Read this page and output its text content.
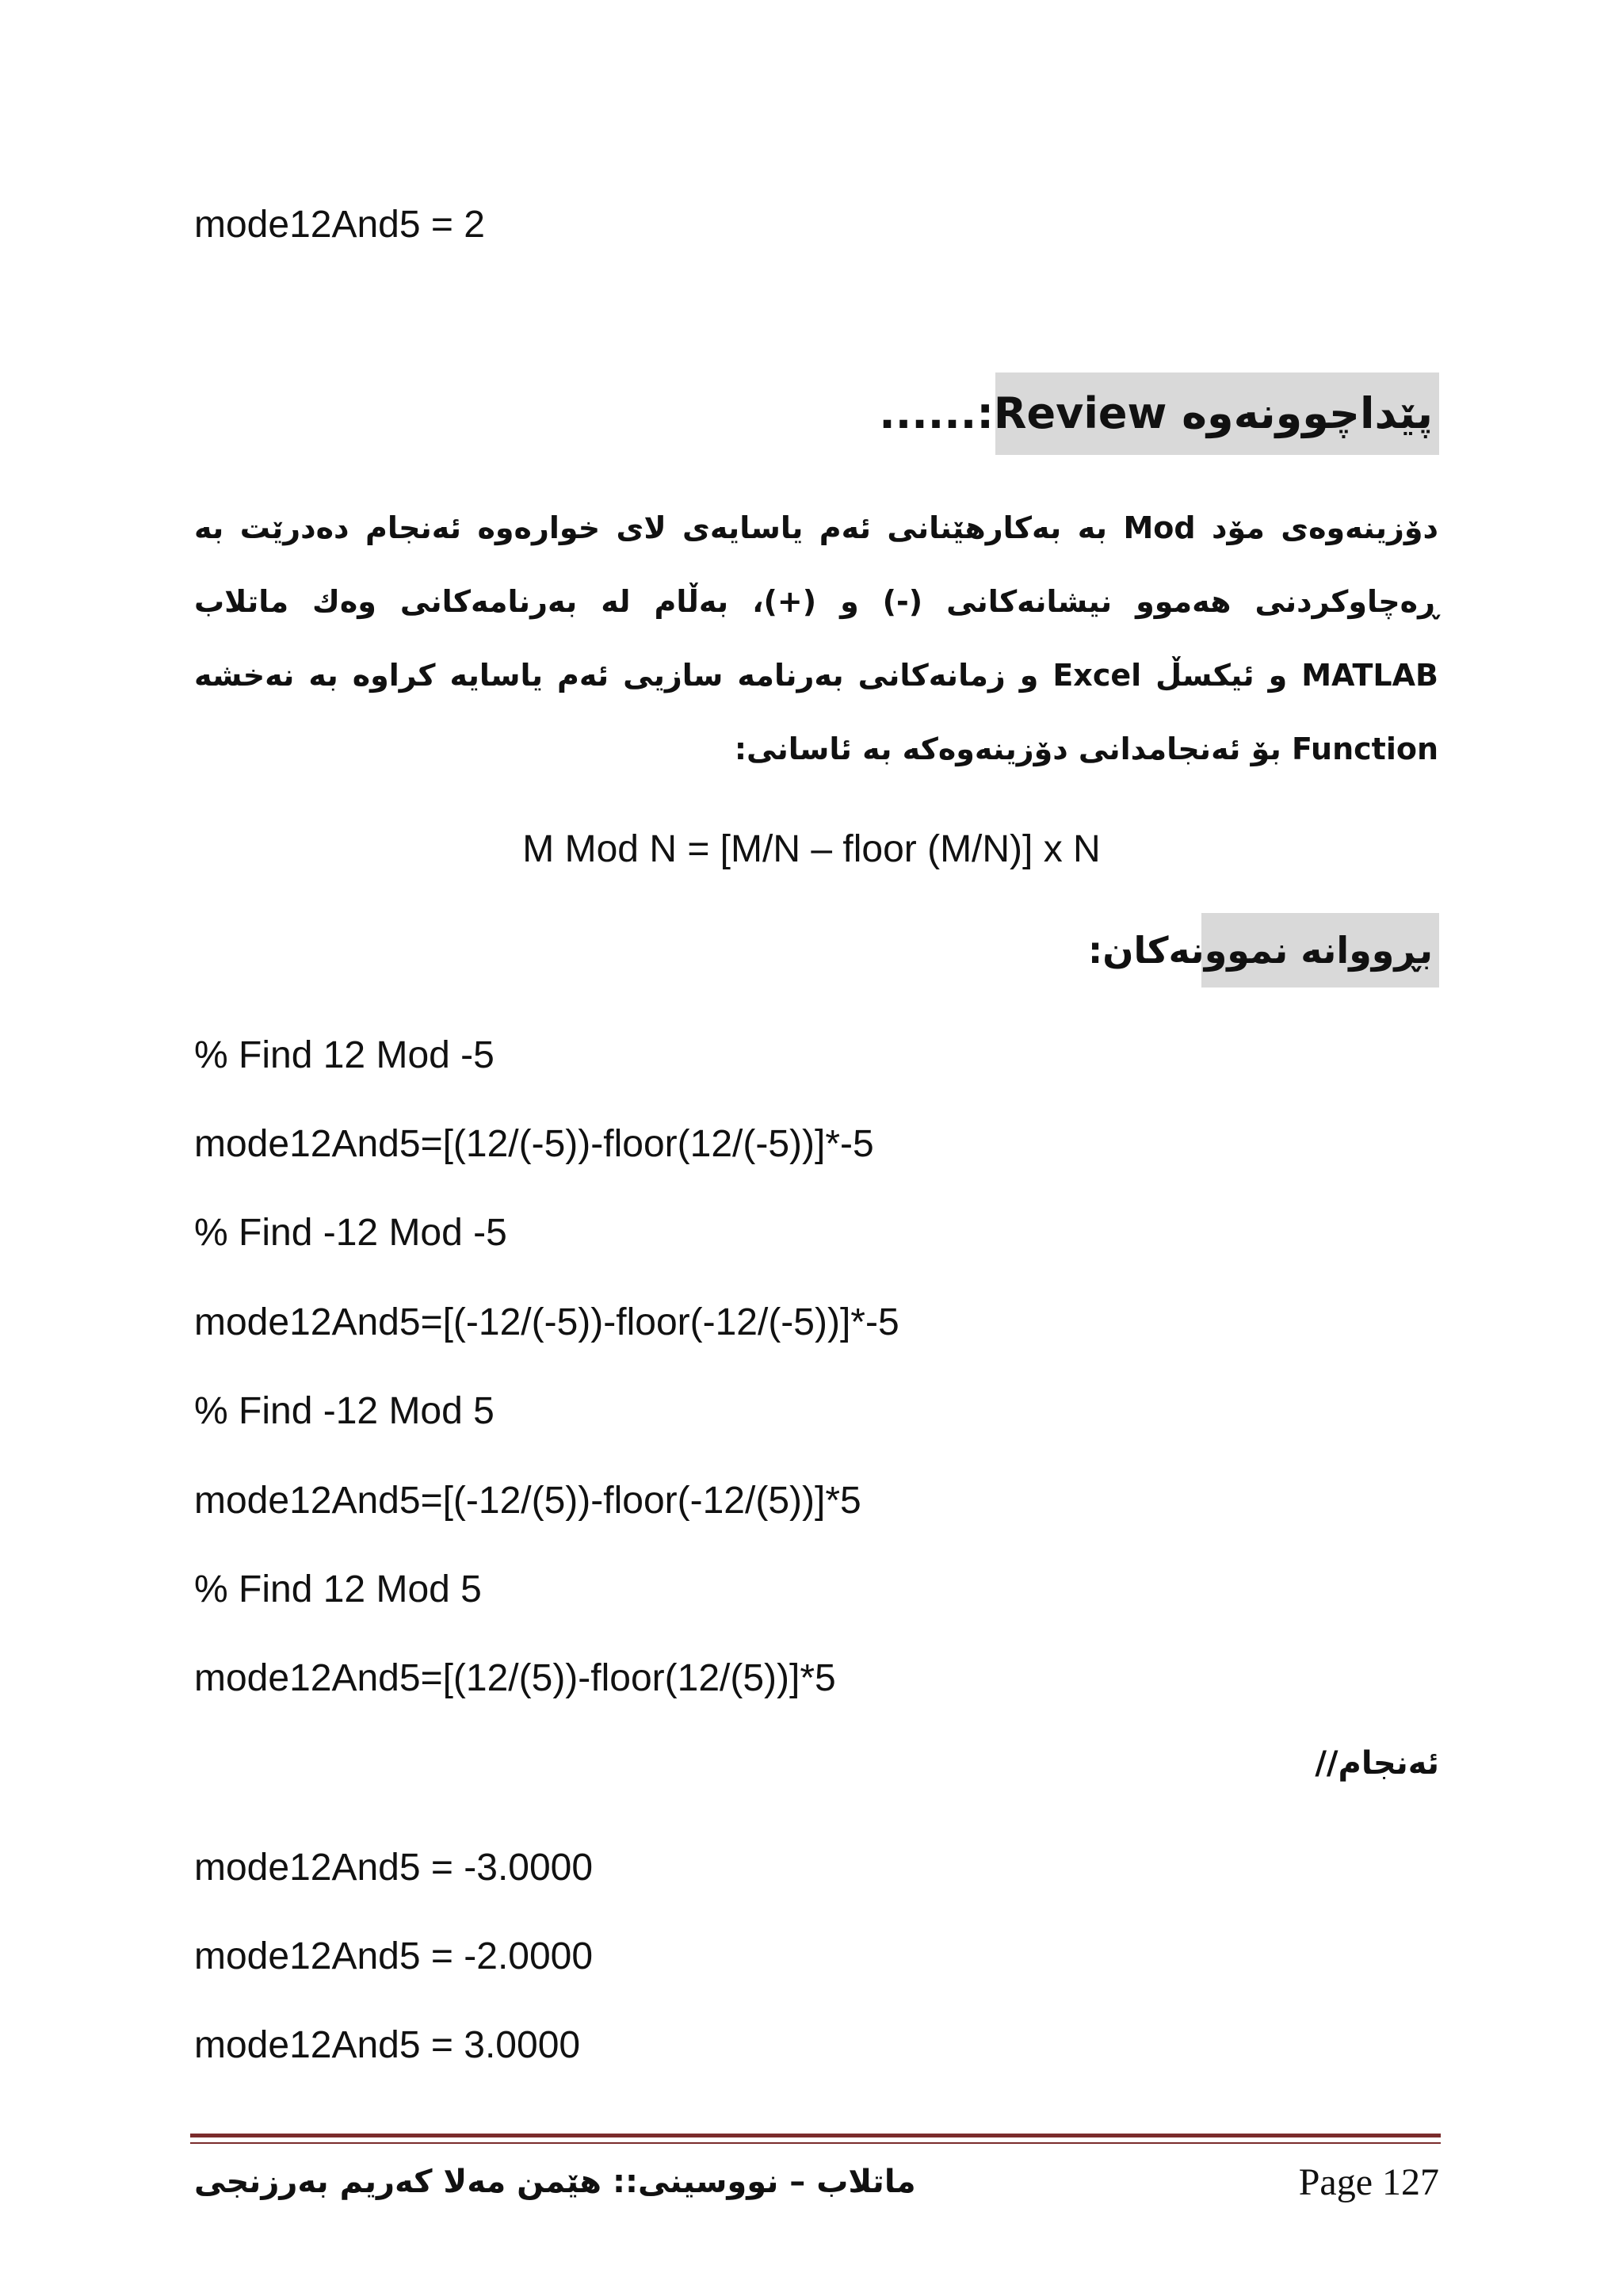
mode12And5 = 2
پێداچوونەوە Review:......
دۆزینەوەی مۆد Mod به بەکارهێنانی ئەم یاسایەی لای خوارەوە ئەنجام دەدرێت به ڕەچاوکردنی هەموو نیشانەکانی (-) و (+)، بەڵام له بەرنامەکانی وەك ماتلاب MATLAB و ئیکسڵ Excel و زمانەکانی بەرنامە سازیی ئەم یاسایە کراوە به نەخشە Function بۆ ئەنجامدانی دۆزینەوەکە به ئاسانی:
M Mod N = [M/N – floor (M/N)] x N
بڕووانە نموونەکان:
% Find 12 Mod -5
mode12And5=[(12/(-5))-floor(12/(-5))]*-5
% Find -12 Mod -5
mode12And5=[(-12/(-5))-floor(-12/(-5))]*-5
% Find -12 Mod 5
mode12And5=[(-12/(5))-floor(-12/(5))]*5
% Find 12 Mod 5
mode12And5=[(12/(5))-floor(12/(5))]*5
ئەنجام//
mode12And5 = -3.0000
mode12And5 = -2.0000
mode12And5 = 3.0000
ماتلاب – نووسینی:: هێمن مەلا کەریم بەرزنجی	Page 127
